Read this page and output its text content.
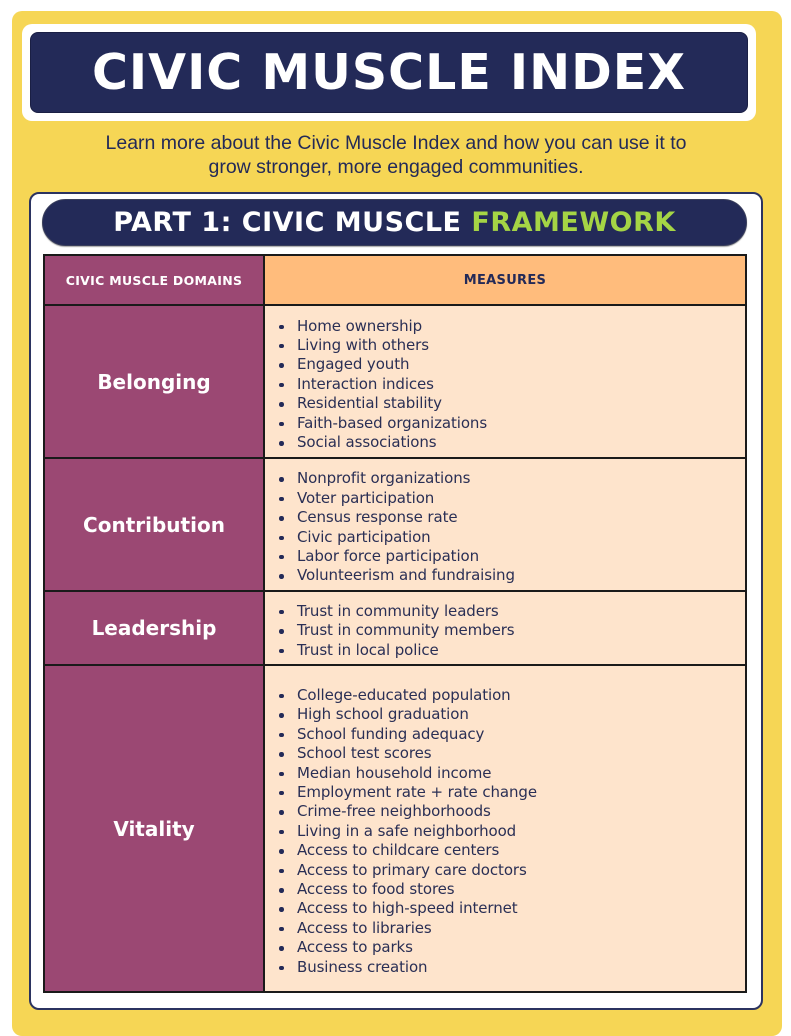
CIVIC MUSCLE INDEX
Learn more about the Civic Muscle Index and how you can use it to
grow stronger, more engaged communities.
PART 1: CIVIC MUSCLE FRAMEWORK
CIVIC MUSCLE DOMAINS	MEASURES
Belonging	
Home ownership
Living with others
Engaged youth
Interaction indices
Residential stability
Faith-based organizations
Social associations

Contribution	
Nonprofit organizations
Voter participation
Census response rate
Civic participation
Labor force participation
Volunteerism and fundraising

Leadership	
Trust in community leaders
Trust in community members
Trust in local police

Vitality	
College-educated population
High school graduation
School funding adequacy
School test scores
Median household income
Employment rate + rate change
Crime-free neighborhoods
Living in a safe neighborhood
Access to childcare centers
Access to primary care doctors
Access to food stores
Access to high-speed internet
Access to libraries
Access to parks
Business creation
